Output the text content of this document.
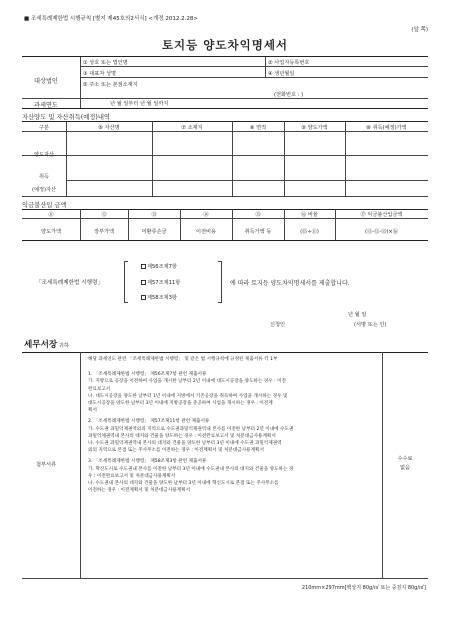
■ 조세특례제한법 시행규칙 [별지 제45호의2서식] <개정 2012.2.28>
(앞 쪽)
토지등 양도차익명세서
대상법인
① 상호 또는 법인명	② 사업자등록번호
③ 대표자 성명	④ 생년월일
⑤ 주소 또는 본점소재지
(전화번호 : )
과세연도	년 월 일부터 년 월 일까지
자산양도 및 자산취득(예정)내역
구분	⑥ 자산명	⑦ 소재지	⑧ 면적	⑨ 양도가액	⑩ 취득(예정)가액
양도자산
취득
(예정)자산
익금불산입 금액
⑪	⑫	⑬	⑭	⑮	⑯ 비율	⑰ 익금불산입금액
양도가액	장부가액	미환류손금	이전비용	취득가액 등	(⑮÷⑪)	(⑪-⑫-⑬)×⑯
「조세특례제한법 시행령」
제56조제7항
제57조제11항
제58조제3항
에 따라 토지등 양도차익명세서를 제출합니다.
년 월 일
신청인	(서명 또는 인)
세무서장 귀하
첨부서류
수수료
없음

해당 과세연도 관련 「조세특례제한법 시행령」 및 같은 법 시행규칙에 규정된 제출서류 각 1부

1. 「조세특례제한법 시행령」 제56조제7항 관련 제출서류

가. 지방으로 공장을 이전하여 사업을 개시한 날부터 2년 이내에 대도시공장을 양도하는 경우 : 이전

완료보고서

나. 대도시공장을 양도한 날부터 1년 이내에 지방에서 기존공장을 취득하여 사업을 개시하는 경우 및

대도시공장을 양도한 날부터 3년 이내에 지방공장을 준공하여 사업을 개시하는 경우 : 이전계

획서

2. 「조세특례제한법 시행령」 제57조제11항 관련 제출서류

가. 수도권 과밀억제권역외의 지역으로 수도권과밀억제권역내 본사를 이전한 날부터 2년 이내에 수도권

과밀억제권역내 본사의 대지와 건물을 양도하는 경우 : 이전완료보고서 및 처분대금사용계획서

나. 수도권 과밀억제권역내 본사의 대지와 건물을 양도한 날부터 3년 이내에 수도권 과밀억제권역

외의 지역으로 본점 또는 주사무소를 이전하는 경우 : 이전계획서 및 처분대금사용계획서

3. 「조세특례제한법 시행령」 제58조제3항 관련 제출서류

가. 혁신도시로 수도권내 본사를 이전한 날부터 3년 이내에 수도권내 본사의 대지와 건물을 양도하는 경

우 : 이전완료보고서 및 처분대금사용계획서

나. 수도권내 본사의 대지와 건물을 양도한 날부터 3년 이내에 혁신도시로 본점 또는 주사무소를

이전하는 경우 : 이전계획서 및 처분대금사용계획서

210mm×297mm[백상지 80g/㎡ 또는 중질지 80g/㎡]
